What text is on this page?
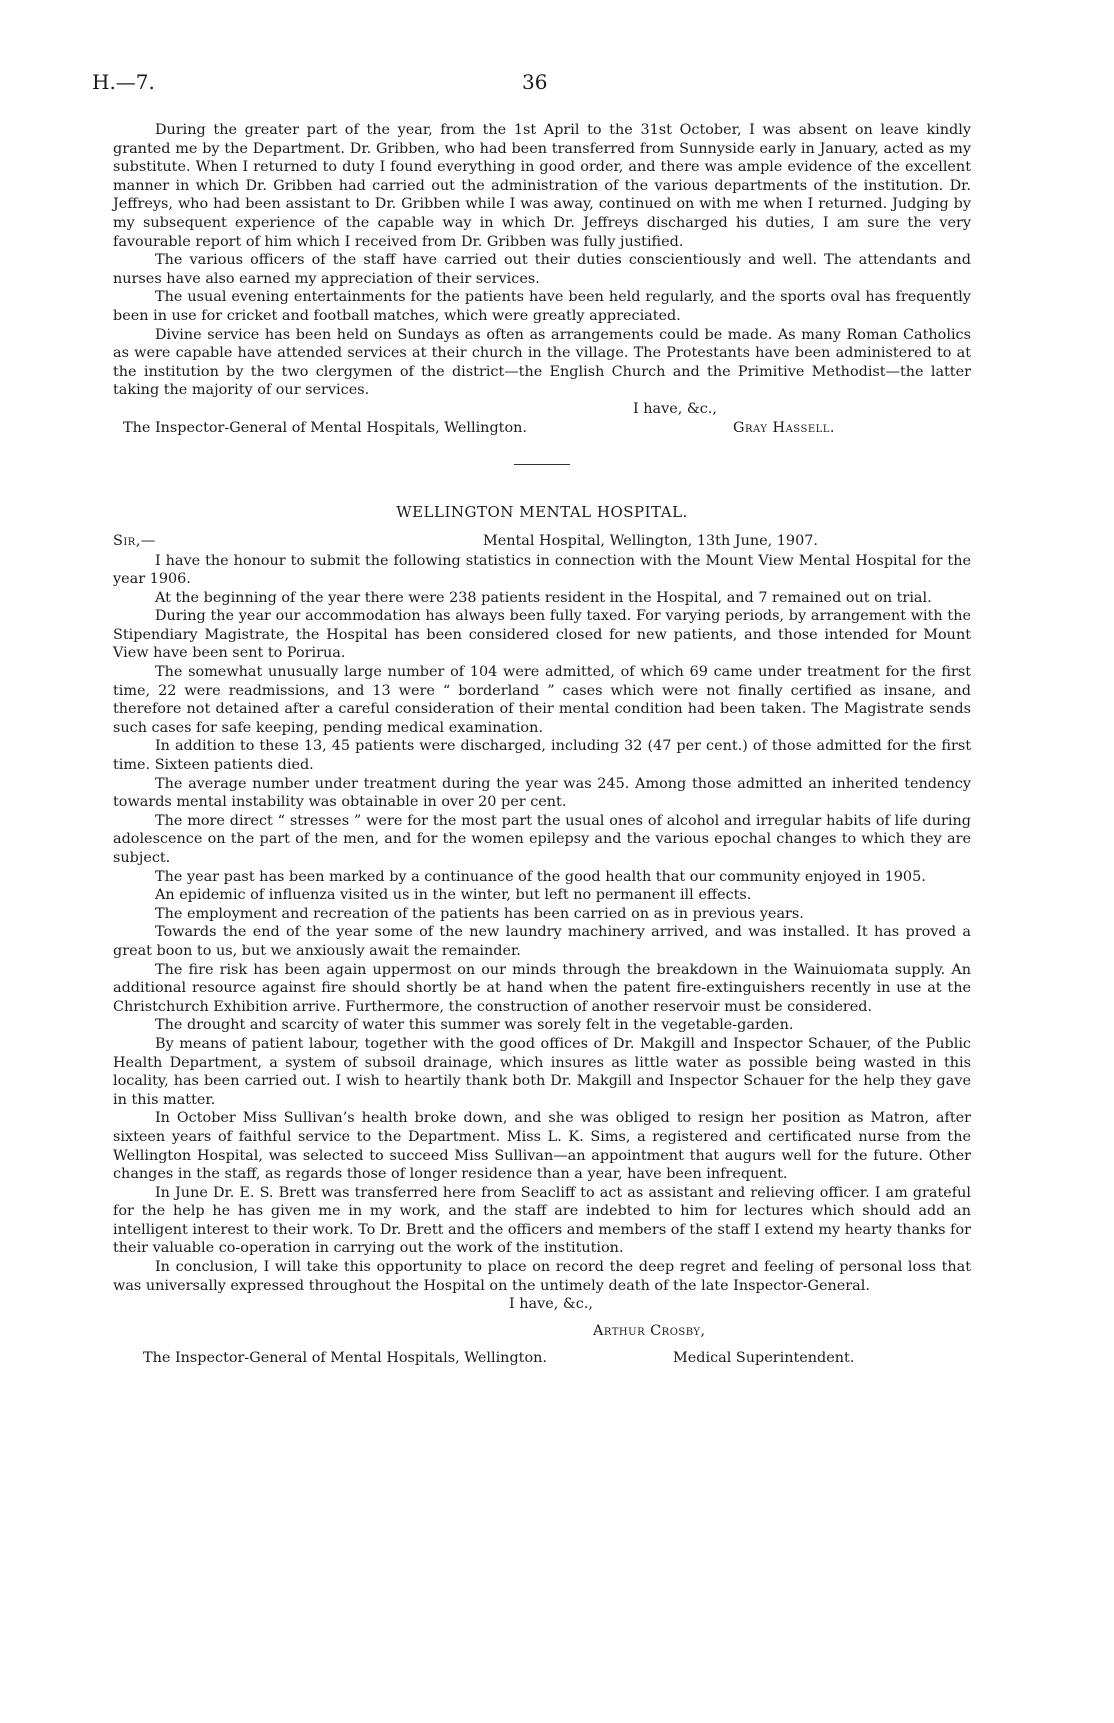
H.—7.	36

During the greater part of the year, from the 1st April to the 31st October, I was absent on leave kindly granted me by the Department. Dr. Gribben, who had been transferred from Sunnyside early in January, acted as my substitute. When I returned to duty I found everything in good order, and there was ample evidence of the excellent manner in which Dr. Gribben had carried out the administration of the various departments of the institution. Dr. Jeffreys, who had been assistant to Dr. Gribben while I was away, continued on with me when I returned. Judging by my subsequent experience of the capable way in which Dr. Jeffreys discharged his duties, I am sure the very favourable report of him which I received from Dr. Gribben was fully justified.

The various officers of the staff have carried out their duties conscientiously and well. The attendants and nurses have also earned my appreciation of their services.

The usual evening entertainments for the patients have been held regularly, and the sports oval has frequently been in use for cricket and football matches, which were greatly appreciated.

Divine service has been held on Sundays as often as arrangements could be made. As many Roman Catholics as were capable have attended services at their church in the village. The Protestants have been administered to at the institution by the two clergymen of the district—the English Church and the Primitive Methodist—the latter taking the majority of our services.

I have, &c.,
The Inspector-General of Mental Hospitals, Wellington.	Gray Hassell.
WELLINGTON MENTAL HOSPITAL.
Sir,—	Mental Hospital, Wellington, 13th June, 1907.

I have the honour to submit the following statistics in connection with the Mount View Mental Hospital for the year 1906.

At the beginning of the year there were 238 patients resident in the Hospital, and 7 remained out on trial.

During the year our accommodation has always been fully taxed. For varying periods, by arrangement with the Stipendiary Magistrate, the Hospital has been considered closed for new patients, and those intended for Mount View have been sent to Porirua.

The somewhat unusually large number of 104 were admitted, of which 69 came under treatment for the first time, 22 were readmissions, and 13 were “ borderland ” cases which were not finally certified as insane, and therefore not detained after a careful consideration of their mental condition had been taken. The Magistrate sends such cases for safe keeping, pending medical examination.

In addition to these 13, 45 patients were discharged, including 32 (47 per cent.) of those admitted for the first time. Sixteen patients died.

The average number under treatment during the year was 245. Among those admitted an inherited tendency towards mental instability was obtainable in over 20 per cent.

The more direct “ stresses ” were for the most part the usual ones of alcohol and irregular habits of life during adolescence on the part of the men, and for the women epilepsy and the various epochal changes to which they are subject.

The year past has been marked by a continuance of the good health that our community enjoyed in 1905.

An epidemic of influenza visited us in the winter, but left no permanent ill effects.

The employment and recreation of the patients has been carried on as in previous years.

Towards the end of the year some of the new laundry machinery arrived, and was installed. It has proved a great boon to us, but we anxiously await the remainder.

The fire risk has been again uppermost on our minds through the breakdown in the Wainuiomata supply. An additional resource against fire should shortly be at hand when the patent fire-extinguishers recently in use at the Christchurch Exhibition arrive. Furthermore, the construction of another reservoir must be considered.

The drought and scarcity of water this summer was sorely felt in the vegetable-garden.

By means of patient labour, together with the good offices of Dr. Makgill and Inspector Schauer, of the Public Health Department, a system of subsoil drainage, which insures as little water as possible being wasted in this locality, has been carried out. I wish to heartily thank both Dr. Makgill and Inspector Schauer for the help they gave in this matter.

In October Miss Sullivan’s health broke down, and she was obliged to resign her position as Matron, after sixteen years of faithful service to the Department. Miss L. K. Sims, a registered and certificated nurse from the Wellington Hospital, was selected to succeed Miss Sullivan—an appointment that augurs well for the future. Other changes in the staff, as regards those of longer residence than a year, have been infrequent.

In June Dr. E. S. Brett was transferred here from Seacliff to act as assistant and relieving officer. I am grateful for the help he has given me in my work, and the staff are indebted to him for lectures which should add an intelligent interest to their work. To Dr. Brett and the officers and members of the staff I extend my hearty thanks for their valuable co-operation in carrying out the work of the institution.

In conclusion, I will take this opportunity to place on record the deep regret and feeling of personal loss that was universally expressed throughout the Hospital on the untimely death of the late Inspector-General.

I have, &c.,
Arthur Crosby,
The Inspector-General of Mental Hospitals, Wellington.	Medical Superintendent.
